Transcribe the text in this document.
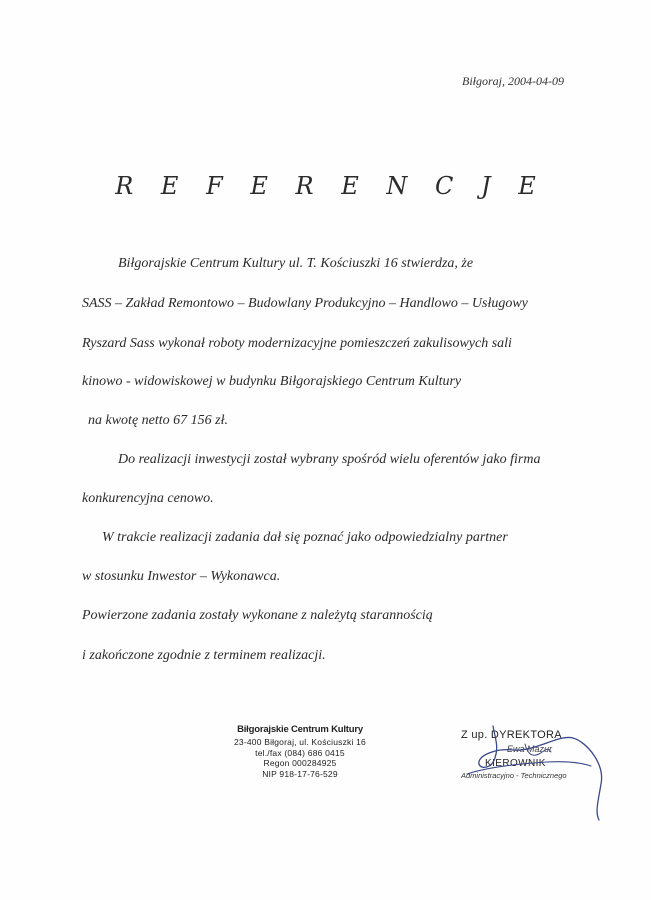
Biłgoraj, 2004-04-09
R E F E R E N C J E
Biłgorajskie Centrum Kultury ul. T. Kościuszki 16 stwierdza, że
SASS – Zakład Remontowo – Budowlany Produkcyjno – Handlowo – Usługowy
Ryszard Sass wykonał roboty modernizacyjne pomieszczeń zakulisowych sali
kinowo - widowiskowej w budynku Biłgorajskiego Centrum Kultury
na kwotę netto 67 156 zł.
Do realizacji inwestycji został wybrany spośród wielu oferentów jako firma
konkurencyjna cenowo.
W trakcie realizacji zadania dał się poznać jako odpowiedzialny partner
w stosunku Inwestor – Wykonawca.
Powierzone zadania zostały wykonane z należytą starannością
i zakończone zgodnie z terminem realizacji.
Biłgorajskie Centrum Kultury
23-400 Biłgoraj, ul. Kościuszki 16
tel./fax (084) 686 0415
Regon 000284925
NIP 918-17-76-529
Z up. DYREKTORA
Ewa Mazur
KIEROWNIK
Administracyjno - Technicznego
